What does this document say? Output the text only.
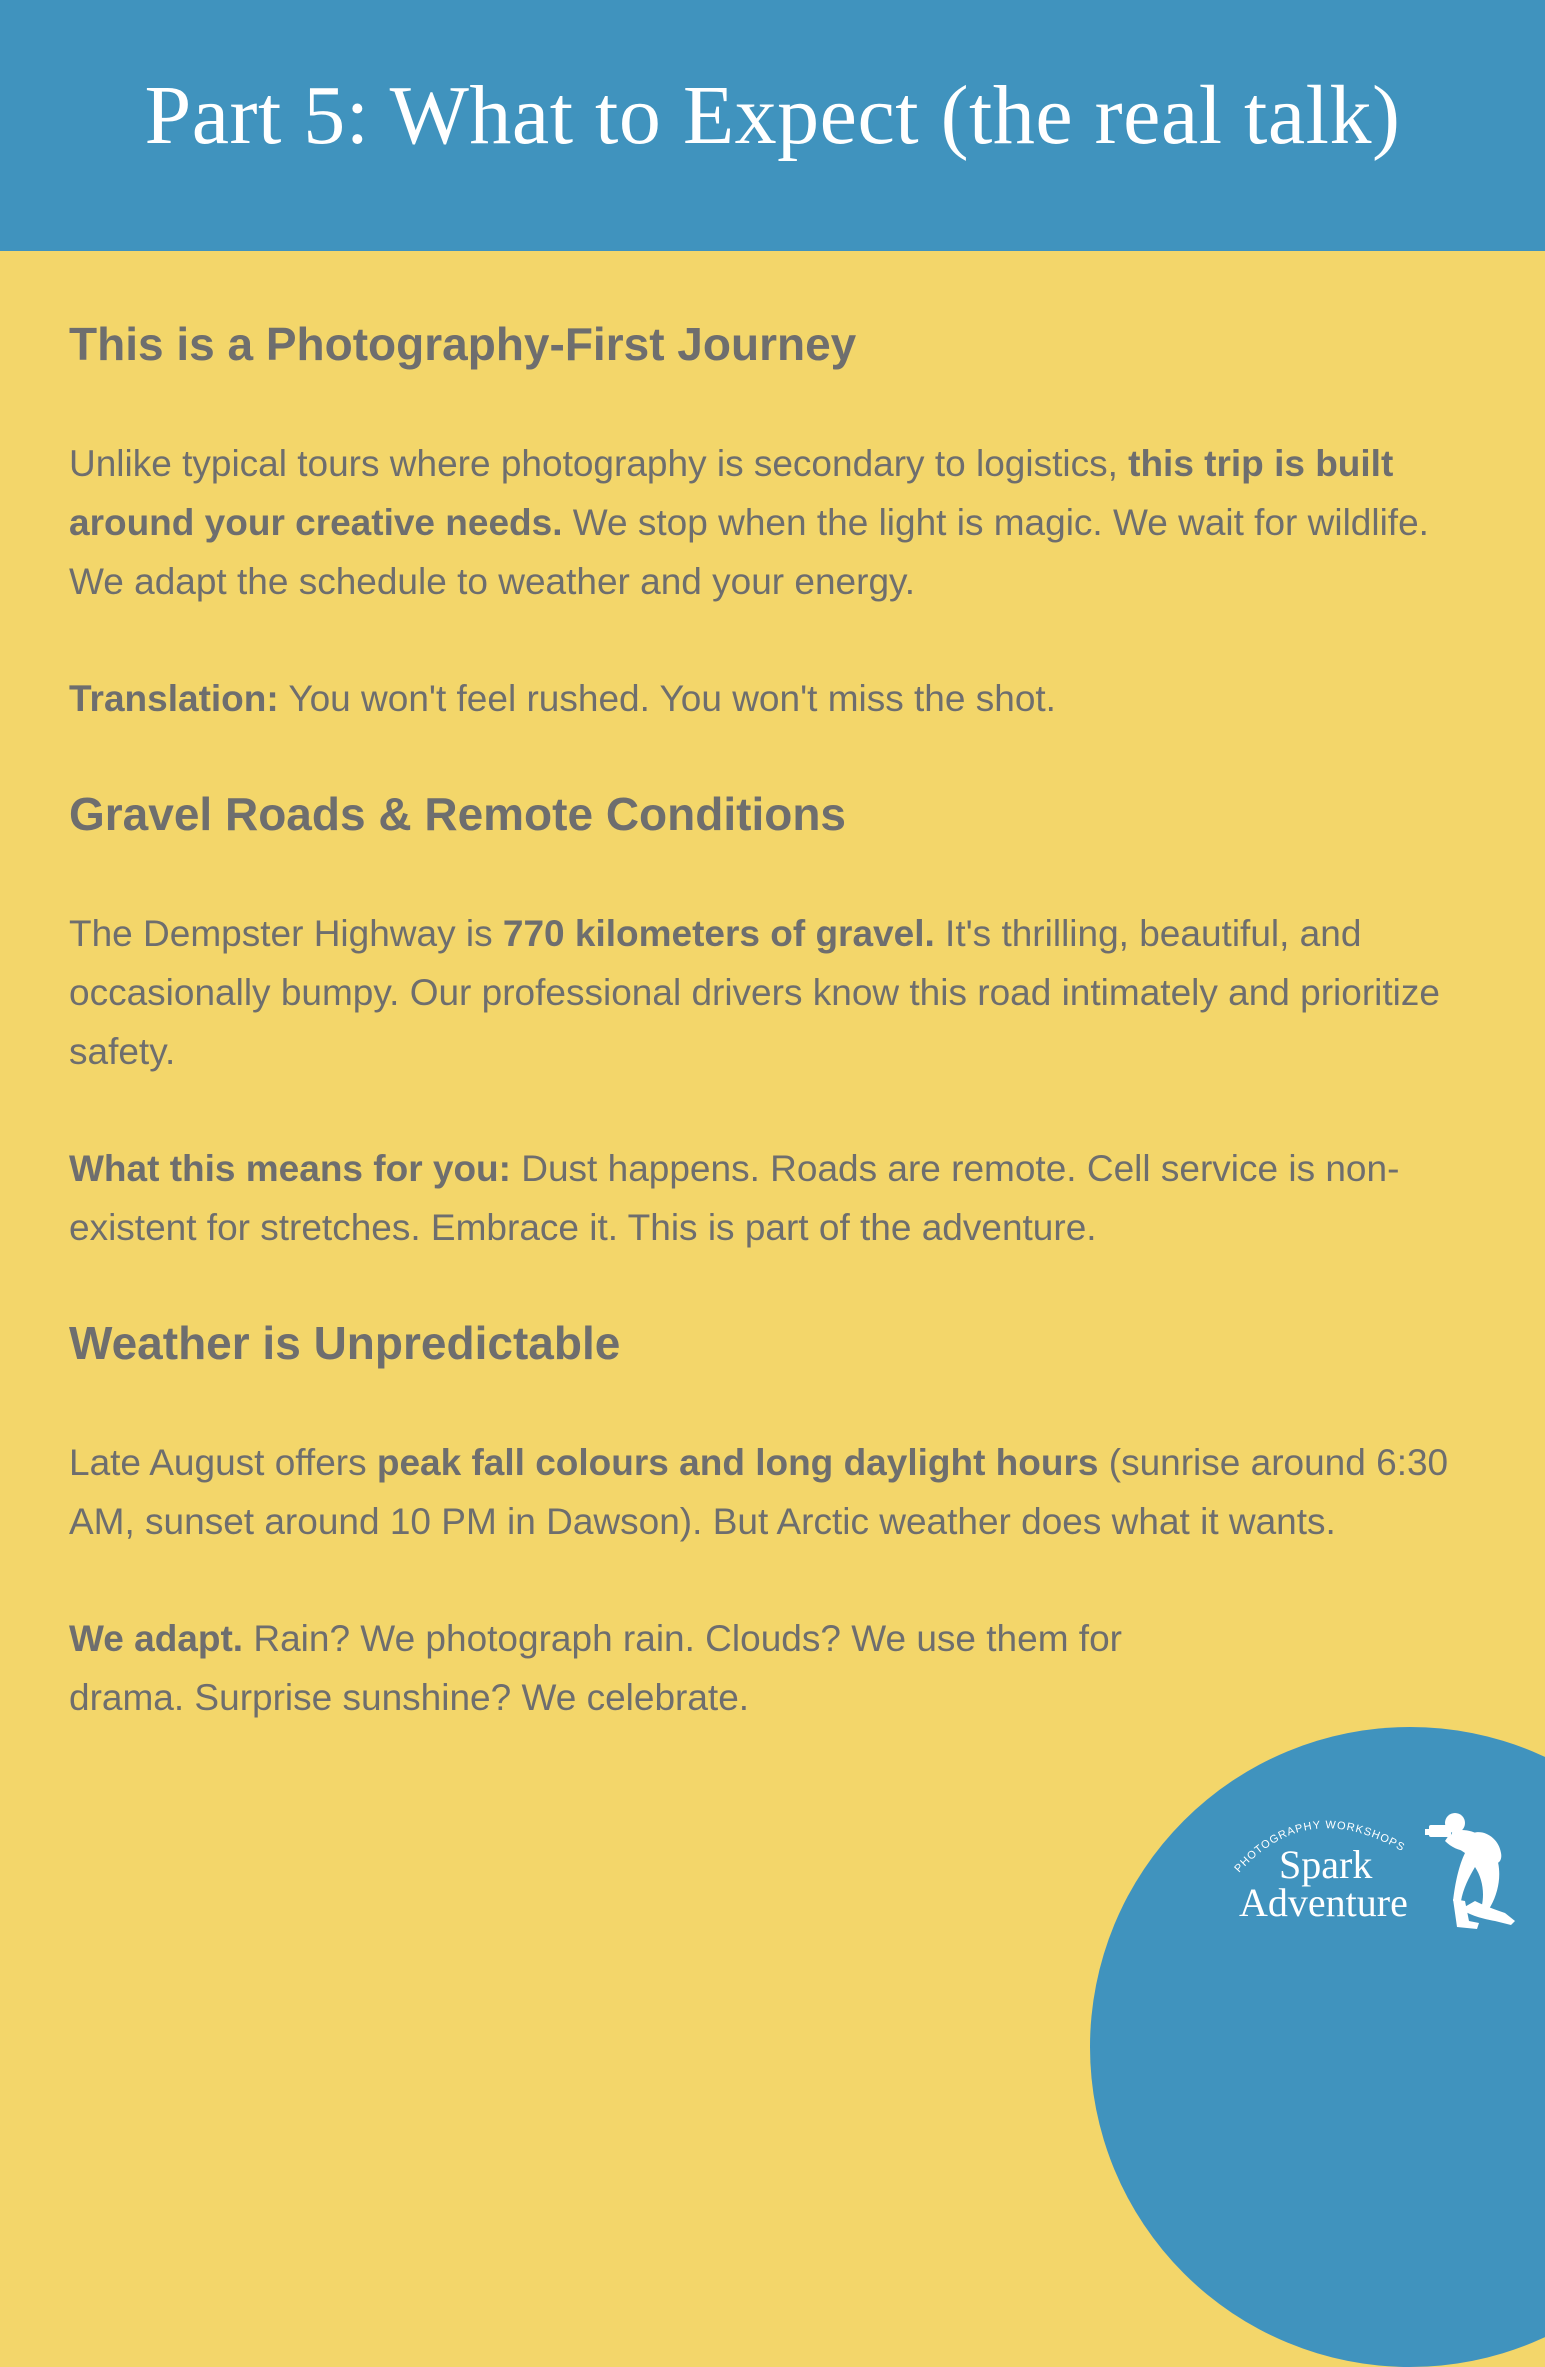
Part 5: What to Expect (the real talk)
This is a Photography-First Journey

Unlike typical tours where photography is secondary to logistics, this trip is built around your creative needs. We stop when the light is magic. We wait for wildlife. We adapt the schedule to weather and your energy.

Translation: You won't feel rushed. You won't miss the shot.

Gravel Roads & Remote Conditions

The Dempster Highway is 770 kilometers of gravel. It's thrilling, beautiful, and occasionally bumpy. Our professional drivers know this road intimately and prioritize safety.

What this means for you: Dust happens. Roads are remote. Cell service is non-existent for stretches. Embrace it. This is part of the adventure.

Weather is Unpredictable

Late August offers peak fall colours and long daylight hours (sunrise around 6:30 AM, sunset around 10 PM in Dawson). But Arctic weather does what it wants.

We adapt. Rain? We photograph rain. Clouds? We use them for drama. Surprise sunshine? We celebrate.

PHOTOGRAPHY WORKSHOPS
Spark
Adventure
